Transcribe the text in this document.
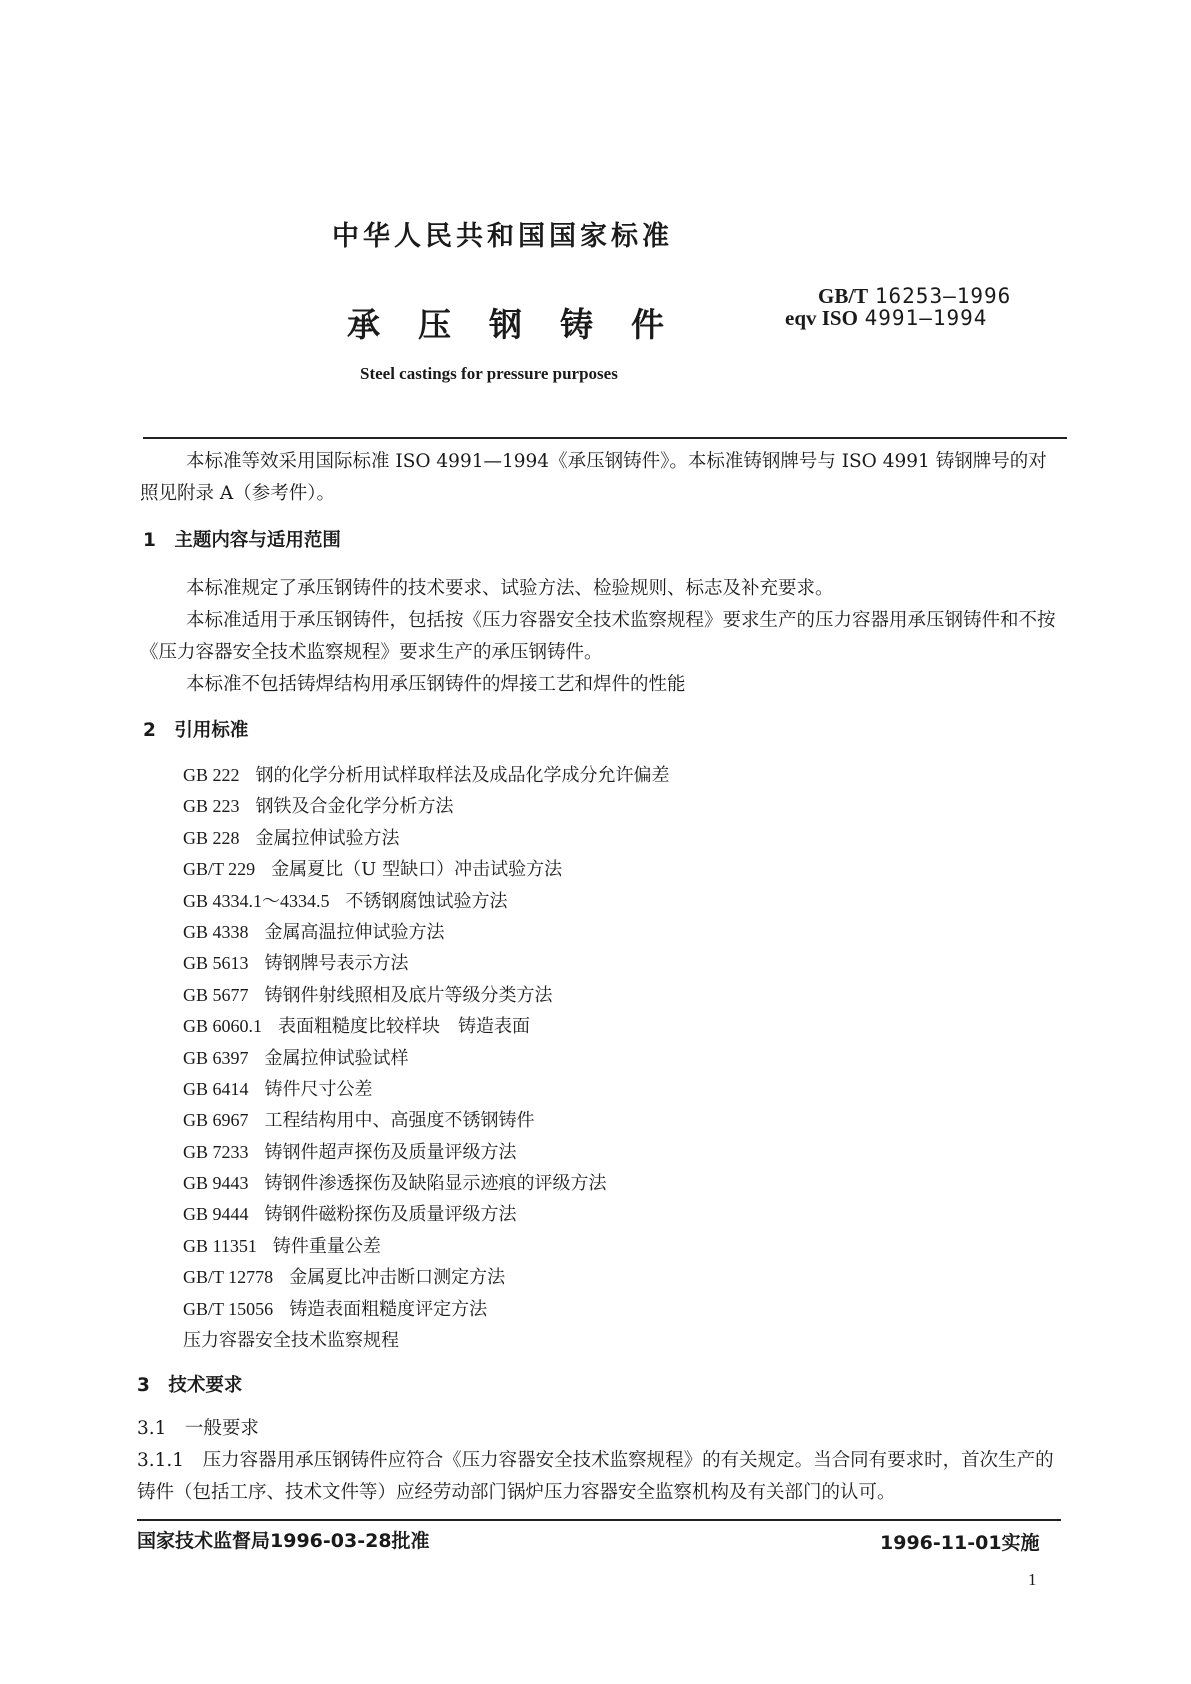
中华人民共和国国家标准
承压钢铸件
GB/T 16253—1996
eqv ISO 4991—1994
Steel castings for pressure purposes
本标准等效采用国际标准 ISO 4991—1994《承压钢铸件》。本标准铸钢牌号与 ISO 4991 铸钢牌号的对照见附录 A（参考件）。
1　主题内容与适用范围
本标准规定了承压钢铸件的技术要求、试验方法、检验规则、标志及补充要求。
本标准适用于承压钢铸件，包括按《压力容器安全技术监察规程》要求生产的压力容器用承压钢铸件和不按《压力容器安全技术监察规程》要求生产的承压钢铸件。
本标准不包括铸焊结构用承压钢铸件的焊接工艺和焊件的性能
2　引用标准
GB 222 钢的化学分析用试样取样法及成品化学成分允许偏差
GB 223 钢铁及合金化学分析方法
GB 228 金属拉伸试验方法
GB/T 229 金属夏比（U 型缺口）冲击试验方法
GB 4334.1～4334.5 不锈钢腐蚀试验方法
GB 4338 金属高温拉伸试验方法
GB 5613 铸钢牌号表示方法
GB 5677 铸钢件射线照相及底片等级分类方法
GB 6060.1 表面粗糙度比较样块　铸造表面
GB 6397 金属拉伸试验试样
GB 6414 铸件尺寸公差
GB 6967 工程结构用中、高强度不锈钢铸件
GB 7233 铸钢件超声探伤及质量评级方法
GB 9443 铸钢件渗透探伤及缺陷显示迹痕的评级方法
GB 9444 铸钢件磁粉探伤及质量评级方法
GB 11351 铸件重量公差
GB/T 12778 金属夏比冲击断口测定方法
GB/T 15056 铸造表面粗糙度评定方法
压力容器安全技术监察规程
3　技术要求
3.1　一般要求
3.1.1　压力容器用承压钢铸件应符合《压力容器安全技术监察规程》的有关规定。当合同有要求时，首次生产的铸件（包括工序、技术文件等）应经劳动部门锅炉压力容器安全监察机构及有关部门的认可。
国家技术监督局1996-03-28批准	1996-11-01实施
1
